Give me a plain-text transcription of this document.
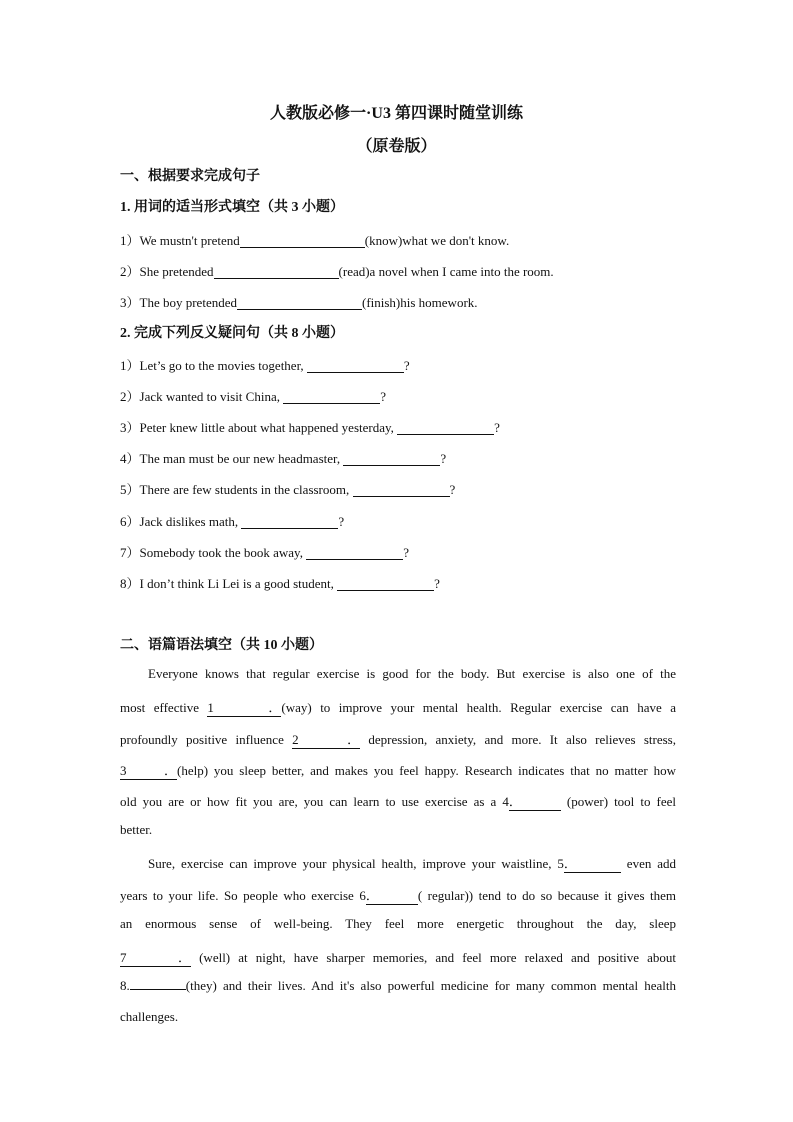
人教版必修一·U3 第四课时随堂训练
（原卷版）
一、根据要求完成句子
1. 用词的适当形式填空（共 3 小题）
1）We mustn't pretend	(know)what we don't know.
2）She pretended	(read)a novel when I came into the room.
3）The boy pretended	(finish)his homework.
2. 完成下列反义疑问句（共 8 小题）
1）Let’s go to the movies together,	?
2）Jack wanted to visit China,	?
3）Peter knew little about what happened yesterday,	?
4）The man must be our new headmaster,	?
5）There are few students in the classroom,	?
6）Jack dislikes math,	?
7）Somebody took the book away,	?
8）I don’t think Li Lei is a good student,	?
二、语篇语法填空（共 10 小题）
Everyone knows that regular exercise is good for the body. But exercise is also one of the
most effective 1．(way) to improve your mental health. Regular exercise can have a
profoundly positive influence 2． depression, anxiety, and more. It also relieves stress,
3．(help) you sleep better, and makes you feel happy. Research indicates that no matter how
old you are or how fit you are, you can learn to use exercise as a 4．	(power) tool to feel
better.
Sure, exercise can improve your physical health, improve your waistline, 5．	even add
years to your life. So people who exercise 6．	( regular)) tend to do so because it gives them
an enormous sense of well-being. They feel more energetic throughout the day, sleep
7． (well) at night, have sharper memories, and feel more relaxed and positive about
8.	(they) and their lives. And it's also powerful medicine for many common mental health
challenges.
